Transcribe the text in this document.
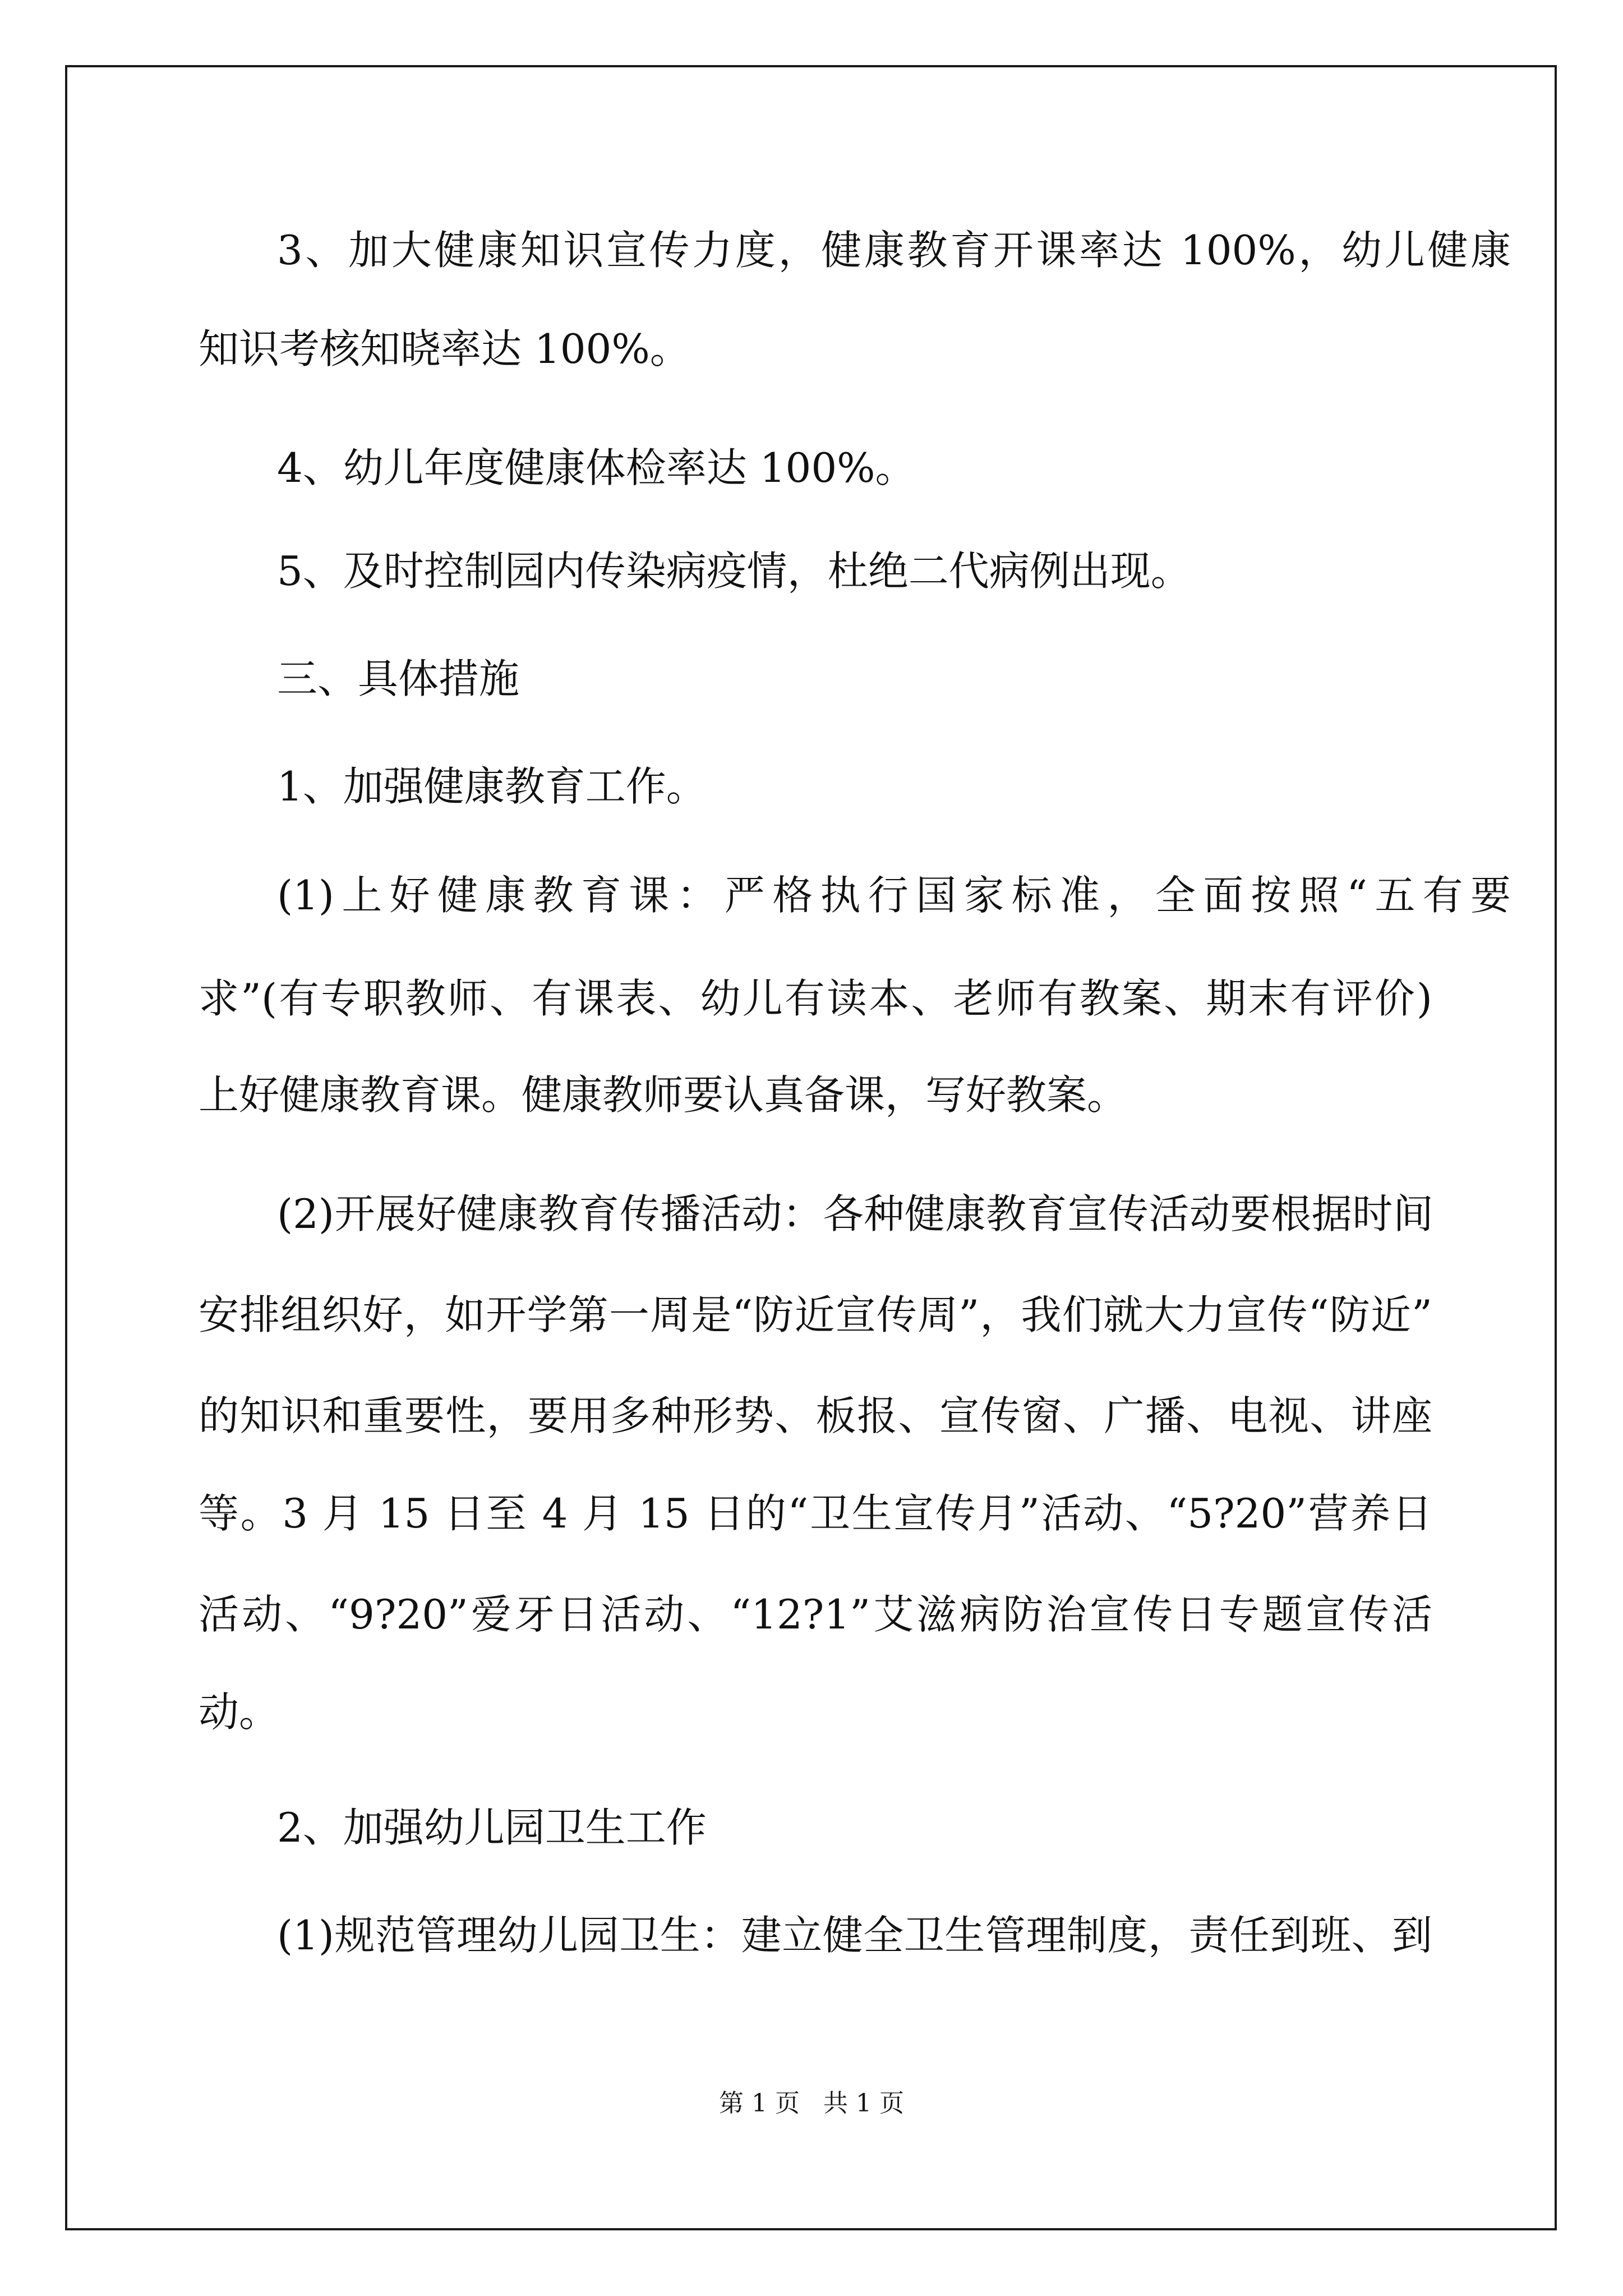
3、加大健康知识宣传力度，健康教育开课率达 100%，幼儿健康
知识考核知晓率达 100%。
4、幼儿年度健康体检率达 100%。
5、及时控制园内传染病疫情，杜绝二代病例出现。
三、具体措施
1、加强健康教育工作。
(1)上好健康教育课：严格执行国家标准，全面按照“五有要
求”(有专职教师、有课表、幼儿有读本、老师有教案、期末有评价)
上好健康教育课。健康教师要认真备课，写好教案。
(2)开展好健康教育传播活动：各种健康教育宣传活动要根据时间
安排组织好，如开学第一周是“防近宣传周”，我们就大力宣传“防近”
的知识和重要性，要用多种形势、板报、宣传窗、广播、电视、讲座
等。3 月 15 日至 4 月 15 日的“卫生宣传月”活动、“5?20”营养日
活动、“9?20”爱牙日活动、“12?1”艾滋病防治宣传日专题宣传活
动。
2、加强幼儿园卫生工作
(1)规范管理幼儿园卫生：建立健全卫生管理制度，责任到班、到
第 1 页 共 1 页
